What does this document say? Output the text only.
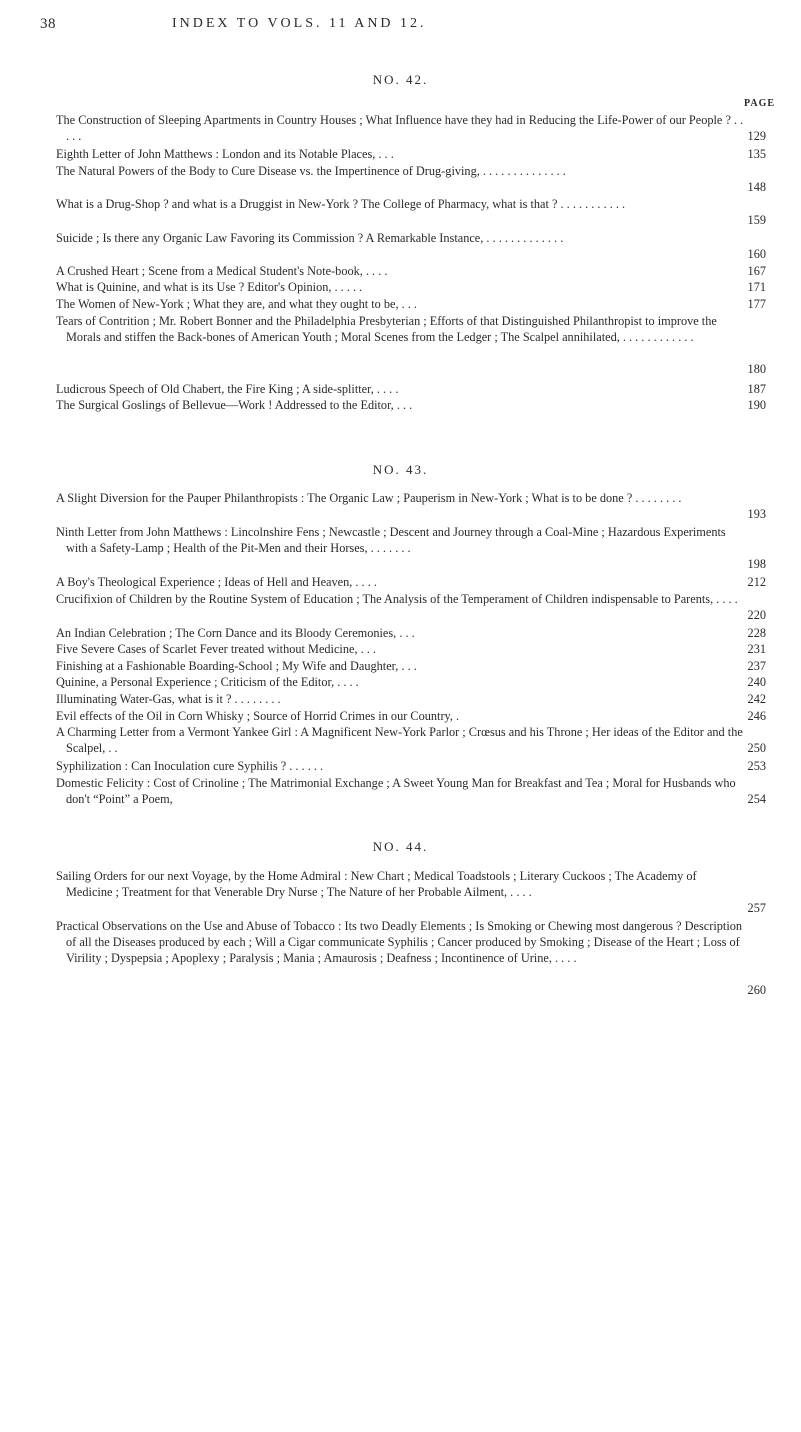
38	INDEX TO VOLS. 11 AND 12.
PAGE
NO. 42.
The Construction of Sleeping Apartments in Country Houses ; What Influence have they had in Reducing the Life-Power of our People ? . . . . .	129
Eighth Letter of John Matthews : London and its Notable Places, . . .	135
The Natural Powers of the Body to Cure Disease vs. the Impertinence of Drug-giving, . . . . . . . . . . . . . .
148
What is a Drug-Shop ? and what is a Druggist in New-York ? The College of Pharmacy, what is that ? . . . . . . . . . . .
159
Suicide ; Is there any Organic Law Favoring its Commission ? A Remarkable Instance, . . . . . . . . . . . . .
160
A Crushed Heart ; Scene from a Medical Student's Note-book, . . . .	167
What is Quinine, and what is its Use ? Editor's Opinion, . . . . .	171
The Women of New-York ; What they are, and what they ought to be, . . .	177
Tears of Contrition ; Mr. Robert Bonner and the Philadelphia Presbyterian ; Efforts of that Distinguished Philanthropist to improve the Morals and stiffen the Back-bones of American Youth ; Moral Scenes from the Ledger ; The Scalpel annihilated, . . . . . . . . . . . .
180
Ludicrous Speech of Old Chabert, the Fire King ; A side-splitter, . . . .	187
The Surgical Goslings of Bellevue—Work ! Addressed to the Editor, . . .	190
NO. 43.
A Slight Diversion for the Pauper Philanthropists : The Organic Law ; Pauperism in New-York ; What is to be done ? . . . . . . . .
193
Ninth Letter from John Matthews : Lincolnshire Fens ; Newcastle ; Descent and Journey through a Coal-Mine ; Hazardous Experiments with a Safety-Lamp ; Health of the Pit-Men and their Horses, . . . . . . .
198
A Boy's Theological Experience ; Ideas of Hell and Heaven, . . . .	212
Crucifixion of Children by the Routine System of Education ; The Analysis of the Temperament of Children indispensable to Parents, . . . .
220
An Indian Celebration ; The Corn Dance and its Bloody Ceremonies, . . .	228
Five Severe Cases of Scarlet Fever treated without Medicine, . . .	231
Finishing at a Fashionable Boarding-School ; My Wife and Daughter, . . .	237
Quinine, a Personal Experience ; Criticism of the Editor, . . . .	240
Illuminating Water-Gas, what is it ? . . . . . . . .	242
Evil effects of the Oil in Corn Whisky ; Source of Horrid Crimes in our Country, .	246
A Charming Letter from a Vermont Yankee Girl : A Magnificent New-York Parlor ; Crœsus and his Throne ; Her ideas of the Editor and the Scalpel, . .	250
Syphilization : Can Inoculation cure Syphilis ? . . . . . .	253
Domestic Felicity : Cost of Crinoline ; The Matrimonial Exchange ; A Sweet Young Man for Breakfast and Tea ; Moral for Husbands who don't “Point” a Poem,	254
NO. 44.
Sailing Orders for our next Voyage, by the Home Admiral : New Chart ; Medical Toadstools ; Literary Cuckoos ; The Academy of Medicine ; Treatment for that Venerable Dry Nurse ; The Nature of her Probable Ailment, . . . .
257
Practical Observations on the Use and Abuse of Tobacco : Its two Deadly Elements ; Is Smoking or Chewing most dangerous ? Description of all the Diseases produced by each ; Will a Cigar communicate Syphilis ; Cancer produced by Smoking ; Disease of the Heart ; Loss of Virility ; Dyspepsia ; Apoplexy ; Paralysis ; Mania ; Amaurosis ; Deafness ; Incontinence of Urine, . . . .
260
